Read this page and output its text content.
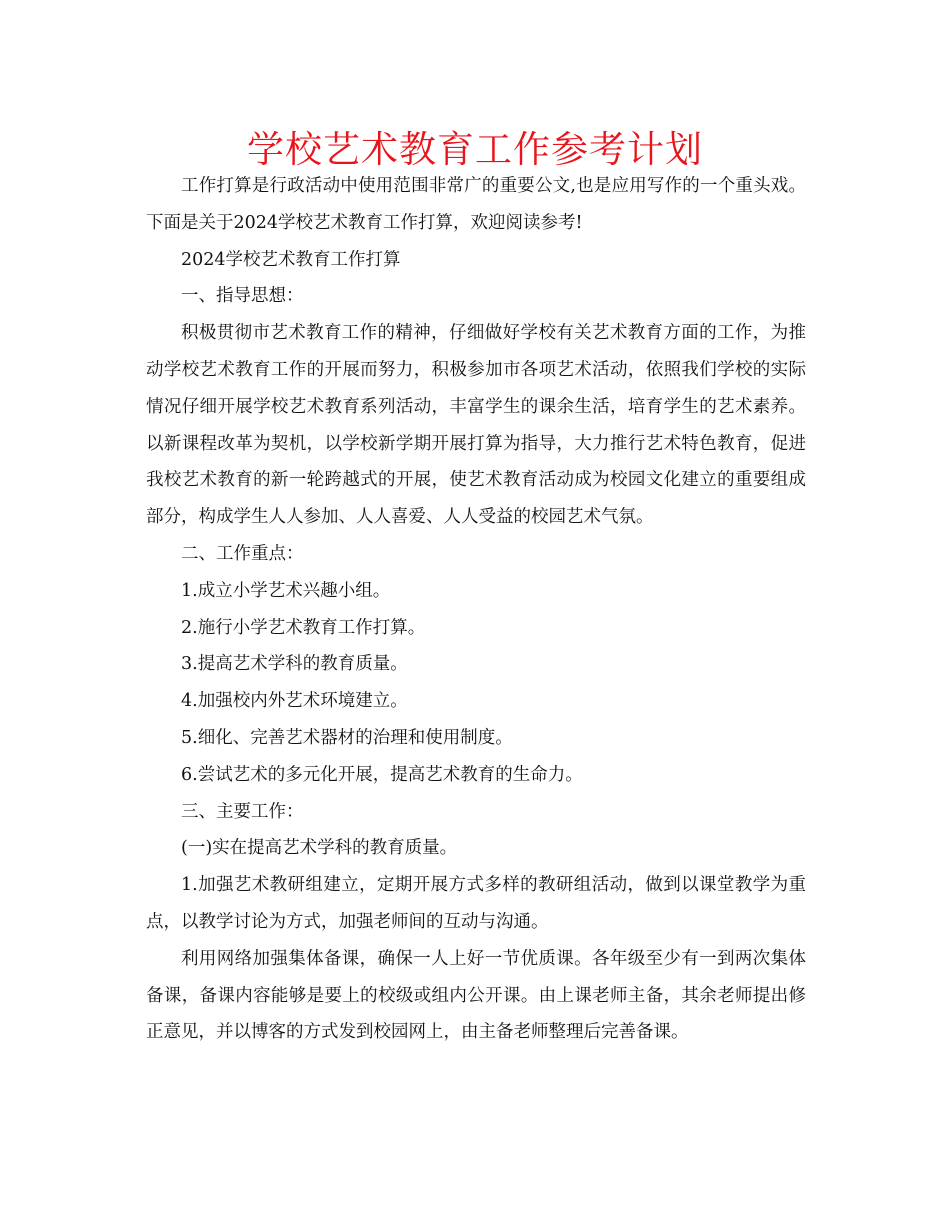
学校艺术教育工作参考计划

工作打算是行政活动中使用范围非常广的重要公文,也是应用写作的一个重头戏。下面是关于2024学校艺术教育工作打算，欢迎阅读参考!

2024学校艺术教育工作打算

一、指导思想：

积极贯彻市艺术教育工作的精神，仔细做好学校有关艺术教育方面的工作，为推动学校艺术教育工作的开展而努力，积极参加市各项艺术活动，依照我们学校的实际情况仔细开展学校艺术教育系列活动，丰富学生的课余生活，培育学生的艺术素养。以新课程改革为契机，以学校新学期开展打算为指导，大力推行艺术特色教育，促进我校艺术教育的新一轮跨越式的开展，使艺术教育活动成为校园文化建立的重要组成部分，构成学生人人参加、人人喜爱、人人受益的校园艺术气氛。

二、工作重点：

1.成立小学艺术兴趣小组。

2.施行小学艺术教育工作打算。

3.提高艺术学科的教育质量。

4.加强校内外艺术环境建立。

5.细化、完善艺术器材的治理和使用制度。

6.尝试艺术的多元化开展，提高艺术教育的生命力。

三、主要工作：

(一)实在提高艺术学科的教育质量。

1.加强艺术教研组建立，定期开展方式多样的教研组活动，做到以课堂教学为重点，以教学讨论为方式，加强老师间的互动与沟通。

利用网络加强集体备课，确保一人上好一节优质课。各年级至少有一到两次集体备课，备课内容能够是要上的校级或组内公开课。由上课老师主备，其余老师提出修正意见，并以博客的方式发到校园网上，由主备老师整理后完善备课。
